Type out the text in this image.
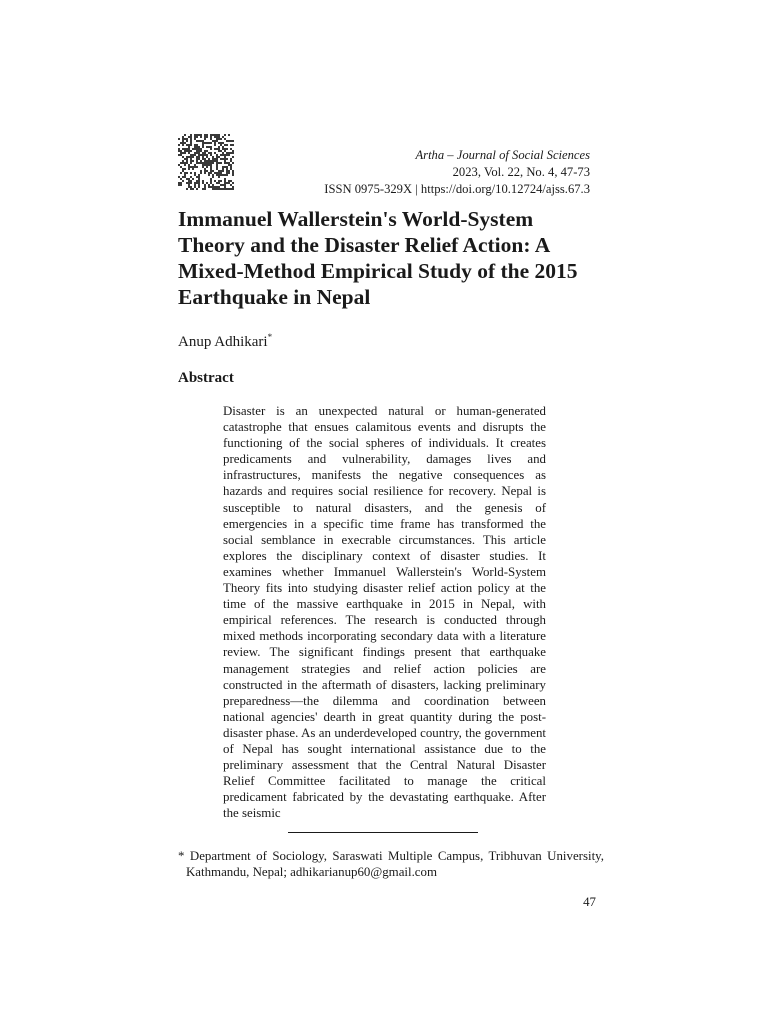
Artha – Journal of Social Sciences
2023, Vol. 22, No. 4, 47-73
ISSN 0975-329X | https://doi.org/10.12724/ajss.67.3
Immanuel Wallerstein's World-System Theory and the Disaster Relief Action: A Mixed-Method Empirical Study of the 2015 Earthquake in Nepal
Anup Adhikari*
Abstract

Disaster is an unexpected natural or human-generated catastrophe that ensues calamitous events and disrupts the functioning of the social spheres of individuals. It creates predicaments and vulnerability, damages lives and infrastructures, manifests the negative consequences as hazards and requires social resilience for recovery. Nepal is susceptible to natural disasters, and the genesis of emergencies in a specific time frame has transformed the social semblance in execrable circumstances. This article explores the disciplinary context of disaster studies. It examines whether Immanuel Wallerstein's World-System Theory fits into studying disaster relief action policy at the time of the massive earthquake in 2015 in Nepal, with empirical references. The research is conducted through mixed methods incorporating secondary data with a literature review. The significant findings present that earthquake management strategies and relief action policies are constructed in the aftermath of disasters, lacking preliminary preparedness—the dilemma and coordination between national agencies' dearth in great quantity during the post-disaster phase. As an underdeveloped country, the government of Nepal has sought international assistance due to the preliminary assessment that the Central Natural Disaster Relief Committee facilitated to manage the critical predicament fabricated by the devastating earthquake. After the seismic

* Department of Sociology, Saraswati Multiple Campus, Tribhuvan University, Kathmandu, Nepal; adhikarianup60@gmail.com
47
